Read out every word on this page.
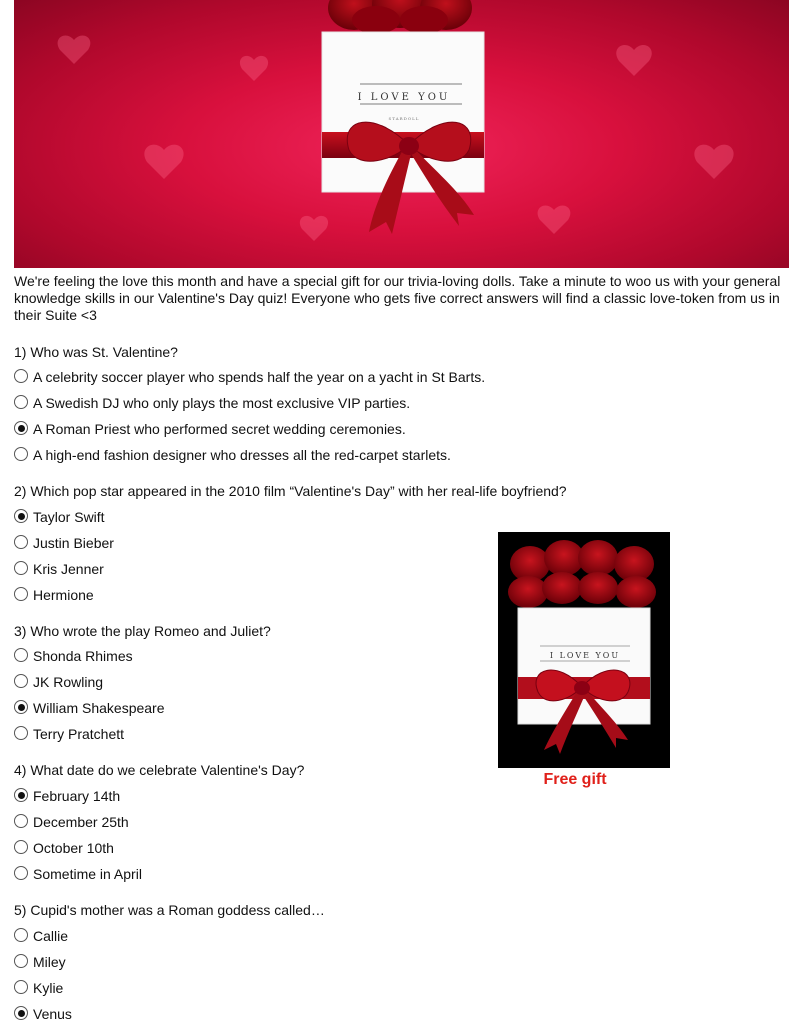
I LOVE YOU
STARDOLL

We're feeling the love this month and have a special gift for our trivia-loving dolls. Take a minute to woo us with your general knowledge skills in our Valentine's Day quiz! Everyone who gets five correct answers will find a classic love-token from us in their Suite <3

1) Who was St. Valentine?

A celebrity soccer player who spends half the year on a yacht in St Barts.
A Swedish DJ who only plays the most exclusive VIP parties.
A Roman Priest who performed secret wedding ceremonies.
A high-end fashion designer who dresses all the red-carpet starlets.

2) Which pop star appeared in the 2010 film “Valentine's Day” with her real-life boyfriend?

Taylor Swift
Justin Bieber
Kris Jenner
Hermione

3) Who wrote the play Romeo and Juliet?

Shonda Rhimes
JK Rowling
William Shakespeare
Terry Pratchett

4) What date do we celebrate Valentine's Day?

February 14th
December 25th
October 10th
Sometime in April

5) Cupid's mother was a Roman goddess called…

Callie
Miley
Kylie
Venus
I LOVE YOU
Free gift
